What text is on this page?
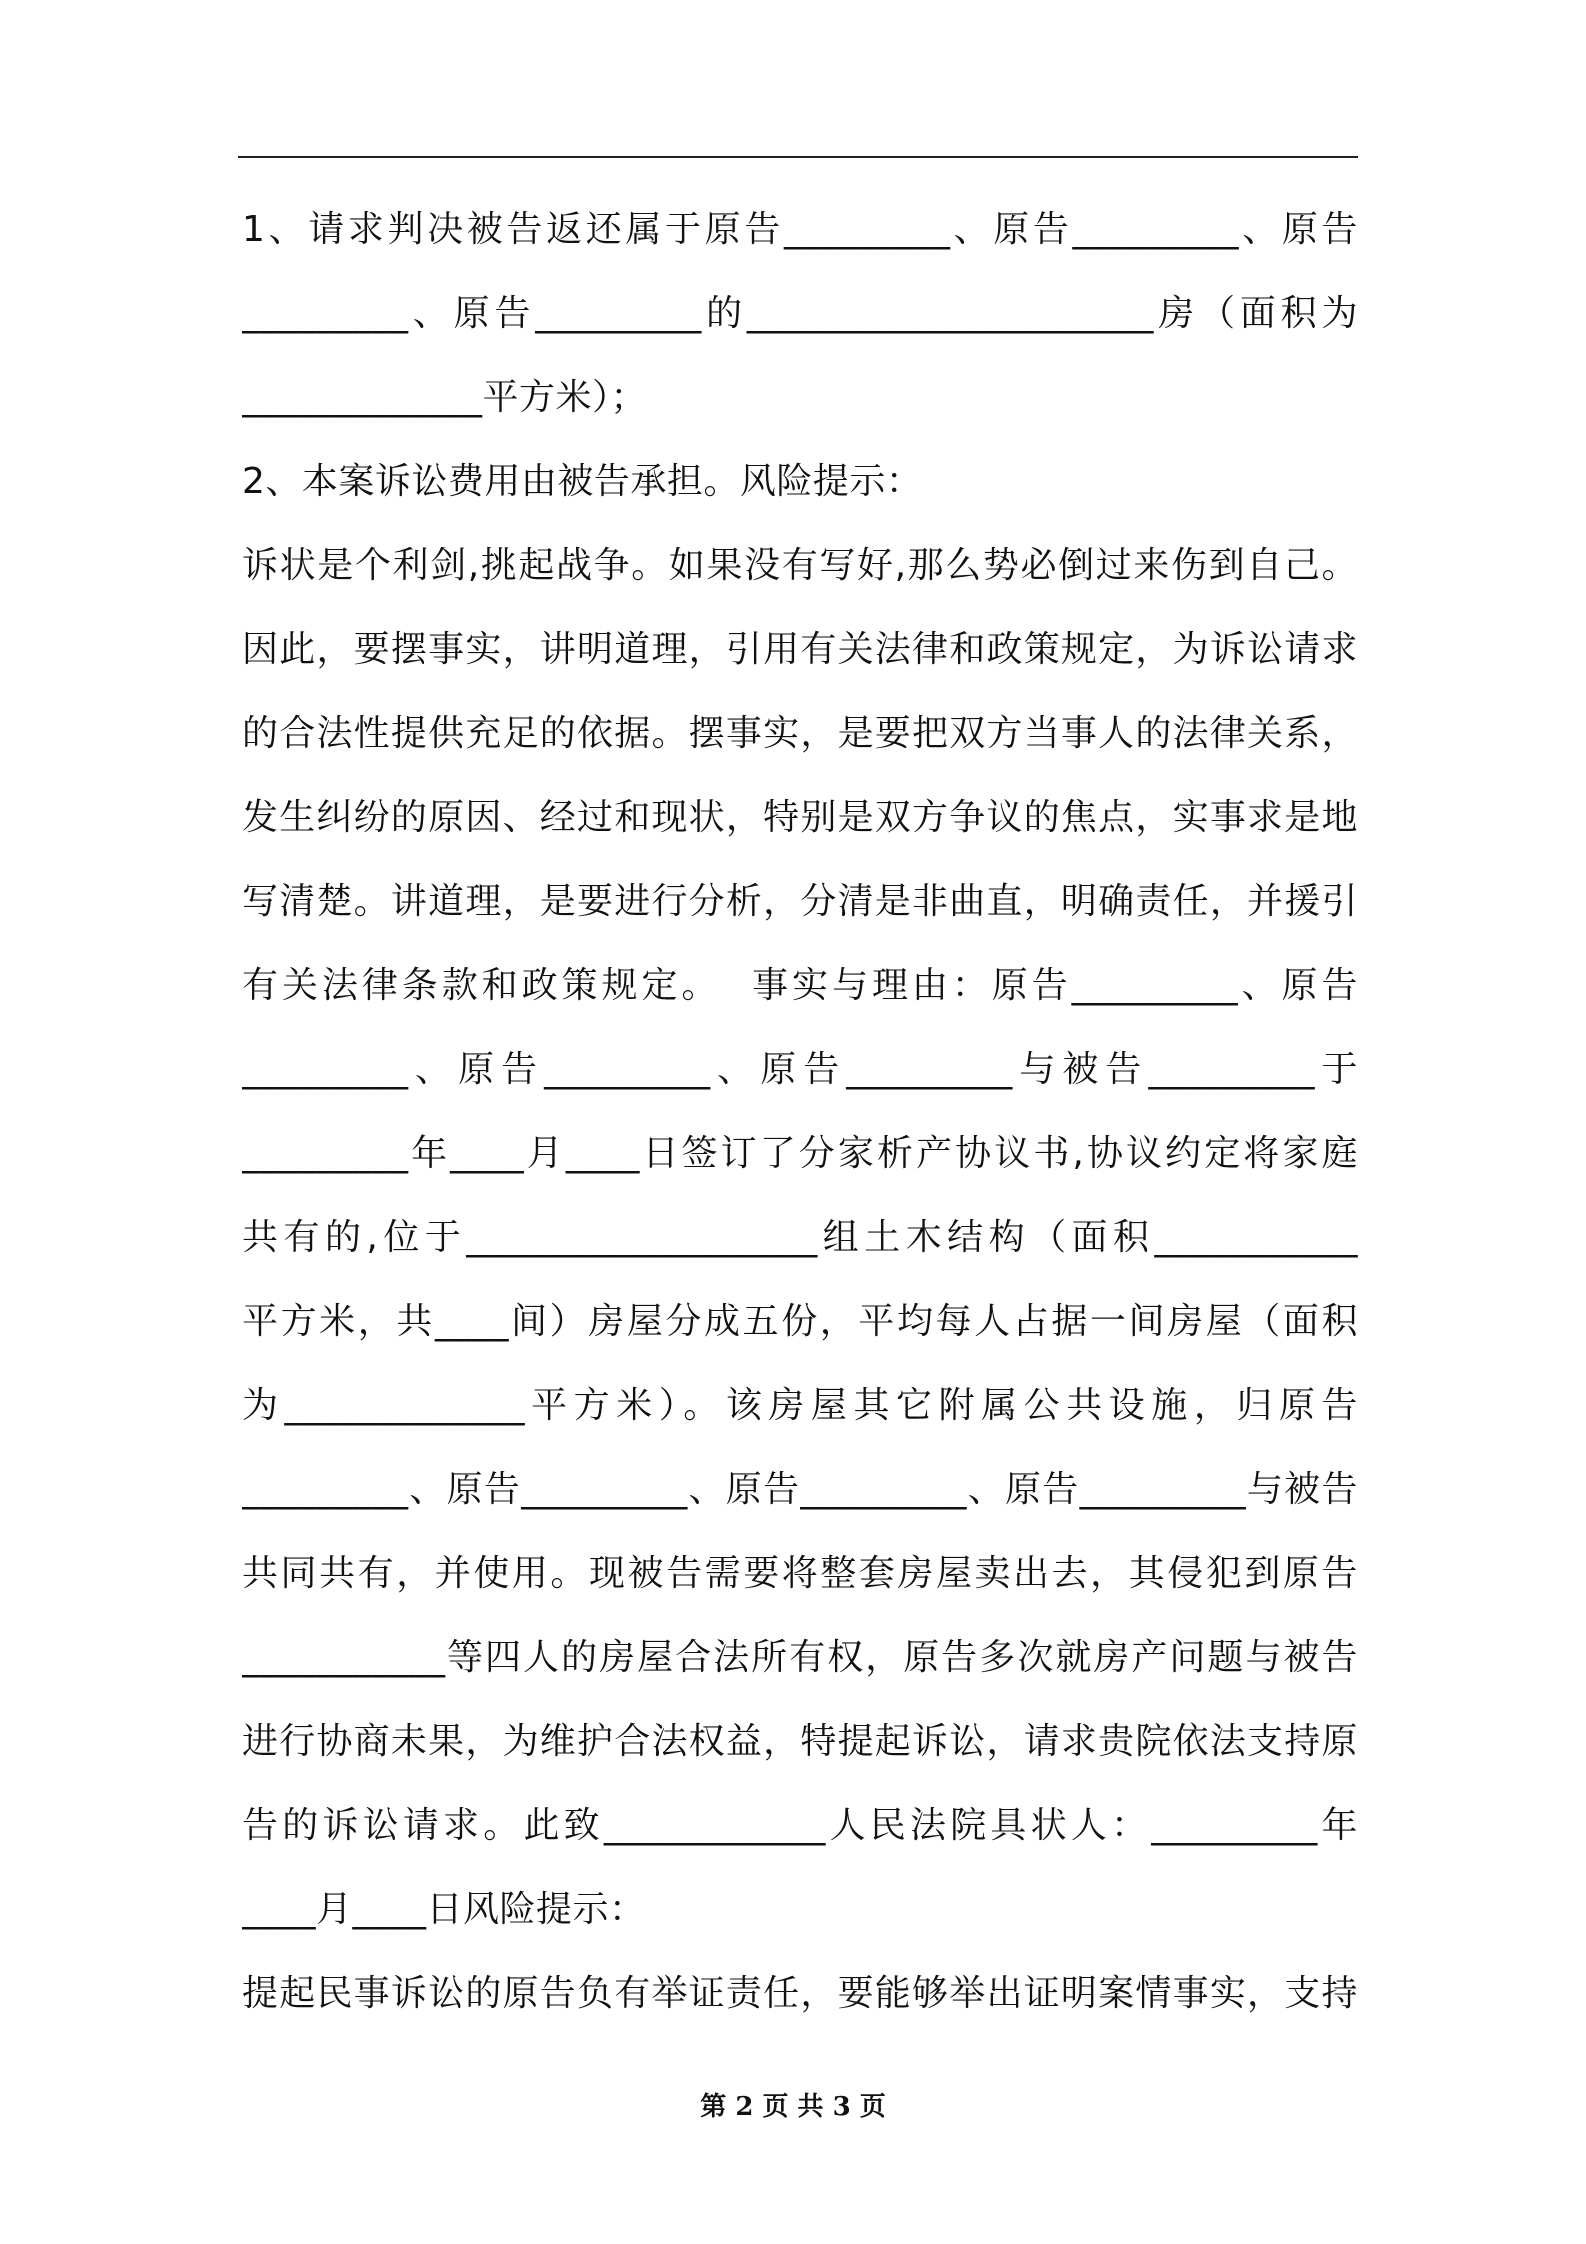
1、请求判决被告返还属于原告_________、原告_________、原告
_________、原告_________的______________________房（面积为
_____________平方米）；
2、本案诉讼费用由被告承担。风险提示：
诉状是个利剑,挑起战争。如果没有写好,那么势必倒过来伤到自己。
因此，要摆事实，讲明道理，引用有关法律和政策规定，为诉讼请求
的合法性提供充足的依据。摆事实，是要把双方当事人的法律关系，
发生纠纷的原因、经过和现状，特别是双方争议的焦点，实事求是地
写清楚。讲道理，是要进行分析，分清是非曲直，明确责任，并援引
有关法律条款和政策规定。  事实与理由：原告_________、原告
_________、原告_________、原告_________与被告_________于
_________年____月____日签订了分家析产协议书,协议约定将家庭
共有的,位于___________________组土木结构（面积___________
平方米，共____间）房屋分成五份，平均每人占据一间房屋（面积
为_____________平方米）。该房屋其它附属公共设施，归原告
_________、原告_________、原告_________、原告_________与被告
共同共有，并使用。现被告需要将整套房屋卖出去，其侵犯到原告
___________等四人的房屋合法所有权，原告多次就房产问题与被告
进行协商未果，为维护合法权益，特提起诉讼，请求贵院依法支持原
告的诉讼请求。此致____________人民法院具状人：_________年
____月____日风险提示：
提起民事诉讼的原告负有举证责任，要能够举出证明案情事实，支持
第 2 页 共 3 页
